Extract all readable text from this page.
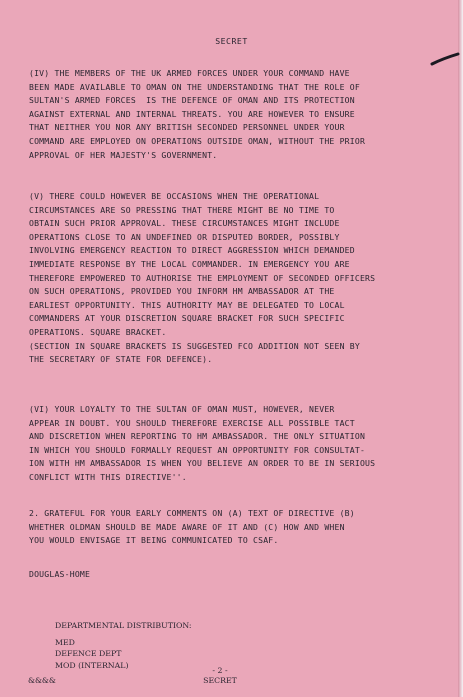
SECRET

(IV) THE MEMBERS OF THE UK ARMED FORCES UNDER YOUR COMMAND HAVE
BEEN MADE AVAILABLE TO OMAN ON THE UNDERSTANDING THAT THE ROLE OF
SULTAN'S ARMED FORCES  IS THE DEFENCE OF OMAN AND ITS PROTECTION
AGAINST EXTERNAL AND INTERNAL THREATS. YOU ARE HOWEVER TO ENSURE
THAT NEITHER YOU NOR ANY BRITISH SECONDED PERSONNEL UNDER YOUR
COMMAND ARE EMPLOYED ON OPERATIONS OUTSIDE OMAN, WITHOUT THE PRIOR
APPROVAL OF HER MAJESTY'S GOVERNMENT.

(V) THERE COULD HOWEVER BE OCCASIONS WHEN THE OPERATIONAL
CIRCUMSTANCES ARE SO PRESSING THAT THERE MIGHT BE NO TIME TO
OBTAIN SUCH PRIOR APPROVAL. THESE CIRCUMSTANCES MIGHT INCLUDE
OPERATIONS CLOSE TO AN UNDEFINED OR DISPUTED BORDER, POSSIBLY
INVOLVING EMERGENCY REACTION TO DIRECT AGGRESSION WHICH DEMANDED
IMMEDIATE RESPONSE BY THE LOCAL COMMANDER. IN EMERGENCY YOU ARE
THEREFORE EMPOWERED TO AUTHORISE THE EMPLOYMENT OF SECONDED OFFICERS
ON SUCH OPERATIONS, PROVIDED YOU INFORM HM AMBASSADOR AT THE
EARLIEST OPPORTUNITY. THIS AUTHORITY MAY BE DELEGATED TO LOCAL
COMMANDERS AT YOUR DISCRETION SQUARE BRACKET FOR SUCH SPECIFIC
OPERATIONS. SQUARE BRACKET.
(SECTION IN SQUARE BRACKETS IS SUGGESTED FCO ADDITION NOT SEEN BY
THE SECRETARY OF STATE FOR DEFENCE).

(VI) YOUR LOYALTY TO THE SULTAN OF OMAN MUST, HOWEVER, NEVER
APPEAR IN DOUBT. YOU SHOULD THEREFORE EXERCISE ALL POSSIBLE TACT
AND DISCRETION WHEN REPORTING TO HM AMBASSADOR. THE ONLY SITUATION
IN WHICH YOU SHOULD FORMALLY REQUEST AN OPPORTUNITY FOR CONSULTAT-
ION WITH HM AMBASSADOR IS WHEN YOU BELIEVE AN ORDER TO BE IN SERIOUS
CONFLICT WITH THIS DIRECTIVE''.

2. GRATEFUL FOR YOUR EARLY COMMENTS ON (A) TEXT OF DIRECTIVE (B)
WHETHER OLDMAN SHOULD BE MADE AWARE OF IT AND (C) HOW AND WHEN
YOU WOULD ENVISAGE IT BEING COMMUNICATED TO CSAF.

DOUGLAS-HOME
DEPARTMENTAL DISTRIBUTION:
MED
DEFENCE DEPT
MOD (INTERNAL)
- 2 -
SECRET
&&&&
